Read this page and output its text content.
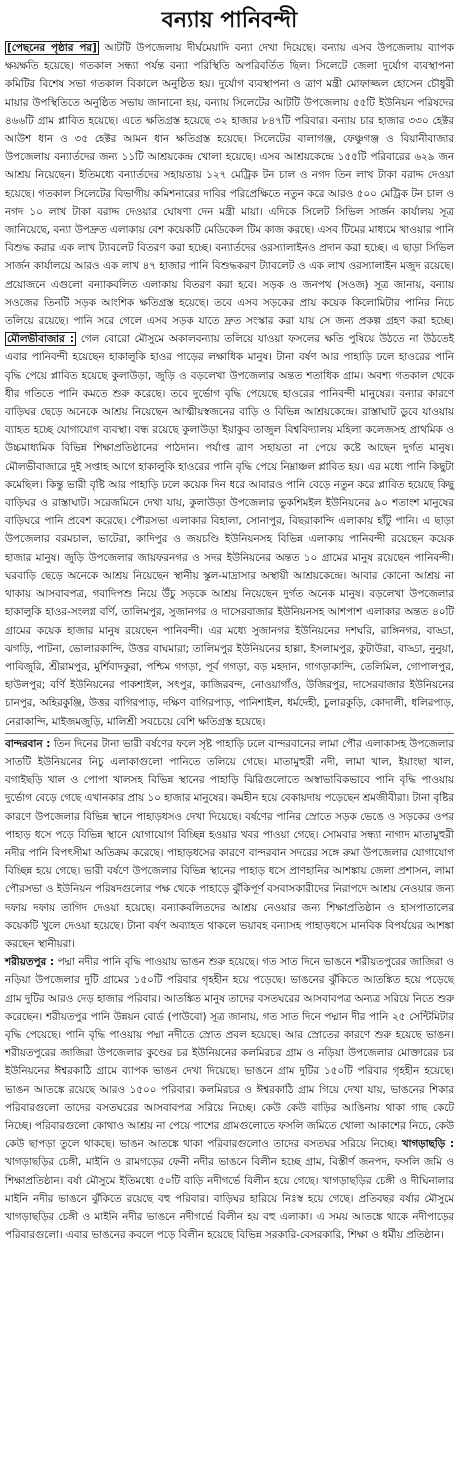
বন্যায় পানিবন্দী

[পেছনের পৃষ্ঠার পর] আটটি উপজেলায় দীর্ঘমেয়াদি বন্যা দেখা দিয়েছে। বন্যায় এসব উপজেলায় ব্যাপক ক্ষয়ক্ষতি হয়েছে। গতকাল সন্ধ্যা পর্যন্ত বন্যা পরিস্থিতি অপরিবর্তিত ছিল। সিলেটে জেলা দুর্যোগ ব্যবস্থাপনা কমিটির বিশেষ সভা গতকাল বিকালে অনুষ্ঠিত হয়। দুর্যোগ ব্যবস্থাপনা ও ত্রাণ মন্ত্রী মোফাজ্জল হোসেন চৌধুরী মায়ার উপস্থিতিতে অনুষ্ঠিত সভায় জানানো হয়, বন্যায় সিলেটের আটটি উপজেলায় ৫৫টি ইউনিয়ন পরিষদের ৪৬৬টি গ্রাম প্লাবিত হয়েছে। এতে ক্ষতিগ্রস্ত হয়েছে ৩২ হাজার ৮৪৭টি পরিবার। বন্যায় চার হাজার ৩৩০ হেক্টর আউশ ধান ও ৩৫ হেক্টর আমন ধান ক্ষতিগ্রস্ত হয়েছে। সিলেটের বালাগঞ্জ, ফেঞ্চুগঞ্জ ও বিয়ানীবাজার উপজেলায় বন্যার্তদের জন্য ১১টি আশ্রয়কেন্দ্র খোলা হয়েছে। এসব আশ্রয়কেন্দ্রে ১৫৫টি পরিবারের ৬২৯ জন আশ্রয় নিয়েছেন। ইতিমধ্যে বন্যার্তদের সহায়তায় ১২৭ মেট্রিক টন চাল ও নগদ তিন লাখ টাকা বরাদ্দ দেওয়া হয়েছে। গতকাল সিলেটের বিভাগীয় কমিশনারের দাবির পরিপ্রেক্ষিতে নতুন করে আরও ৫০০ মেট্রিক টন চাল ও নগদ ১০ লাখ টাকা বরাদ্দ দেওয়ার ঘোষণা দেন মন্ত্রী মায়া। এদিকে সিলেট সিভিল সার্জন কার্যালয় সূত্র জানিয়েছে, বন্যা উপদ্রুত এলাকায় বেশ কয়েকটি মেডিকেল টিম কাজ করছে। এসব টিমের মাধ্যমে খাওয়ার পানি বিশুদ্ধ করার এক লাখ ট্যাবলেট বিতরণ করা হচ্ছে। বন্যার্তদের ওরস্যালাইনও প্রদান করা হচ্ছে। এ ছাড়া সিভিল সার্জন কার্যালয়ে আরও এক লাখ ৪৭ হাজার পানি বিশুদ্ধকরণ ট্যাবলেট ও এক লাখ ওরস্যালাইন মজুদ রয়েছে। প্রয়োজনে এগুলো বন্যাকবলিত এলাকায় বিতরণ করা হবে। সড়ক ও জনপথ (সওজ) সূত্র জানায়, বন্যায় সওজের তিনটি সড়ক আংশিক ক্ষতিগ্রস্ত হয়েছে। তবে এসব সড়কের প্রায় কয়েক কিলোমিটার পানির নিচে তলিয়ে রয়েছে। পানি সরে গেলে এসব সড়ক যাতে দ্রুত সংস্কার করা যায় সে জন্য প্রকল্প গ্রহণ করা হচ্ছে। মৌলভীবাজার : গেল বোরো মৌসুমে অকালবন্যায় তলিয়ে যাওয়া ফসলের ক্ষতি পুষিয়ে উঠতে না উঠতেই এবার পানিবন্দী হয়েছেন হাকালুকি হাওর পাড়ের লক্ষাধিক মানুষ। টানা বর্ষণ আর পাহাড়ি ঢলে হাওরের পানি বৃদ্ধি পেয়ে প্লাবিত হয়েছে কুলাউড়া, জুড়ি ও বড়লেখা উপজেলার অন্তত শতাধিক গ্রাম। অবশ্য গতকাল থেকে ধীর গতিতে পানি কমতে শুরু করেছে। তবে দুর্ভোগ বৃদ্ধি পেয়েছে হাওরের পানিবন্দী মানুষের। বন্যার কারণে বাড়িঘর ছেড়ে অনেকে আশ্রয় নিয়েছেন আত্মীয়স্বজনের বাড়ি ও বিভিন্ন আশ্রয়কেন্দ্রে। রাস্তাঘাট ডুবে যাওয়ায় ব্যাহত হচ্ছে যোগাযোগ ব্যবস্থা। বন্ধ রয়েছে কুলাউড়া ইয়াকুব তাজুল বিশ্ববিদ্যালয় মহিলা কলেজসহ প্রাথমিক ও উচ্চমাধ্যমিক বিভিন্ন শিক্ষাপ্রতিষ্ঠানের পাঠদান। পর্যাপ্ত ত্রাণ সহায়তা না পেয়ে কষ্টে আছেন দুর্গত মানুষ। মৌলভীবাজারে দুই সপ্তাহ আগে হাকালুকি হাওরের পানি বৃদ্ধি পেয়ে নিম্নাঞ্চল প্লাবিত হয়। এর মধ্যে পানি কিছুটা কমেছিল। কিন্তু ভারী বৃষ্টি আর পাহাড়ি ঢলে কয়েক দিন ধরে আবারও পানি বেড়ে নতুন করে প্লাবিত হয়েছে কিছু বাড়িঘর ও রাস্তাঘাট। সরেজমিনে দেখা যায়, কুলাউড়া উপজেলার ভুকশিমইল ইউনিয়নের ৯০ শতাংশ মানুষের বাড়িঘরে পানি প্রবেশ করেছে। পৌরসভা এলাকার বিহালা, সোনাপুর, বিছরাকান্দি এলাকায় হাঁটু পানি। এ ছাড়া উপজেলার বরমচাল, ভাটেরা, কাদিপুর ও জয়চণ্ডি ইউনিয়নসহ বিভিন্ন এলাকায় পানিবন্দী রয়েছেন কয়েক হাজার মানুষ। জুড়ি উপজেলার জায়ফরনগর ও সদর ইউনিয়নের অন্তত ১০ গ্রামের মানুষ রয়েছেন পানিবন্দী। ঘরবাড়ি ছেড়ে অনেকে আশ্রয় নিয়েছেন স্থানীয় স্কুল-মাদ্রাসার অস্থায়ী আশ্রয়কেন্দ্রে। আবার কোনো আশ্রয় না থাকায় আসবাবপত্র, গবাদিপশু নিয়ে উঁচু সড়কে আশ্রয় নিয়েছেন দুর্গত অনেক মানুষ। বড়লেখা উপজেলার হাকালুকি হাওর-সংলগ্ন বর্ণি, তালিমপুর, সুজানগর ও দাসেরবাজার ইউনিয়নসহ আশপাশ এলাকার অন্তত ৪০টি গ্রামের কয়েক হাজার মানুষ রয়েছেন পানিবন্দী। এর মধ্যে সুজানগর ইউনিয়নের দশঘরি, রাঙ্গিনগর, বাড্ডা, ঝগড়ি, পাটনা, ভোলারকান্দি, উত্তর বাঘমারা; তালিমপুর ইউনিয়নের হাল্লা, ইসলামপুর, কুটাউরা, বাড্ডা, নুনুয়া, পাবিজুরি, শ্রীরামপুর, মুর্শিবাদকুরা, পশ্চিম গগড়া, পূর্ব গগড়া, বড় মহদান, গাগড়াকান্দি, তেলিমিল, গোপালপুর, হাউলপুর; বর্ণি ইউনিয়নের পাকশাইল, সৎপুর, কাজিরবন্দ, নোওয়াগাঁও, উজিরপুর, দাসেরবাজার ইউনিয়নের চানপুর, অহিরকুঞ্জি, উত্তর বাগিরপাড়, দক্ষিণ বাগিরপাড়, পানিশাইল, ধর্মদেহী, চুলারকুড়ি, কোদালী, ধলিরপাড়, নেরাকান্দি, মাইজমজুড়ি, মালিশ্রী সবচেয়ে বেশি ক্ষতিগ্রস্ত হয়েছে।

বান্দরবান : তিন দিনের টানা ভারী বর্ষণের ফলে সৃষ্ট পাহাড়ি ঢলে বান্দরবানের লামা পৌর এলাকাসহ উপজেলার সাতটি ইউনিয়নের নিচু এলাকাগুলো পানিতে তলিয়ে গেছে। মাতামুহুরী নদী, লামা খাল, ইয়াংছা খাল, বগাইছড়ি খাল ও পোপা খালসহ বিভিন্ন স্থানের পাহাড়ি ঝিরিগুলোতে অস্বাভাবিকভাবে পানি বৃদ্ধি পাওয়ায় দুর্ভোগ বেড়ে গেছে এখানকার প্রায় ১০ হাজার মানুষের। কমহীন হয়ে বেকায়দায় পড়েছেন শ্রমজীবীরা। টানা বৃষ্টির কারণে উপজেলার বিভিন্ন স্থানে পাহাড়ধসও দেখা দিয়েছে। বর্ষণের পানির স্রোতে সড়ক ভেঙে ও সড়কের ওপর পাহাড় ধসে পড়ে বিভিন্ন স্থানে যোগাযোগ বিচ্ছিন্ন হওয়ার খবর পাওয়া গেছে। সোমবার সন্ধ্যা নাগাদ মাতামুহুরী নদীর পানি বিপৎসীমা অতিক্রম করেছে। পাহাড়ধসের কারণে বান্দরবান সদরের সঙ্গে রুমা উপজেলার যোগাযোগ বিচ্ছিন্ন হয়ে গেছে। ভারী বর্ষণে উপজেলার বিভিন্ন স্থানের পাহাড় ধসে প্রাণহানির আশঙ্কায় জেলা প্রশাসন, লামা পৌরসভা ও ইউনিয়ন পরিষদগুলোর পক্ষ থেকে পাহাড়ে ঝুঁকিপূর্ণ বসবাসকারীদের নিরাপদে আশ্রয় নেওয়ার জন্য দফায় দফায় তাগিদ দেওয়া হয়েছে। বন্যাকবলিতদের আশ্রয় নেওয়ার জন্য শিক্ষাপ্রতিষ্ঠান ও হাসপাতালের কয়েকটি খুলে দেওয়া হয়েছে। টানা বর্ষণ অব্যাহত থাকলে ভয়াবহ বন্যাসহ পাহাড়ধসে মানবিক বিপর্যয়ের আশঙ্কা করছেন স্থানীয়রা।

শরীয়তপুর : পদ্মা নদীর পানি বৃদ্ধি পাওয়ায় ভাঙন শুরু হয়েছে। গত সাত দিনে ভাঙনে শরীয়তপুরের জাজিরা ও নড়িয়া উপজেলার দুটি গ্রামের ১৫০টি পরিবার গৃহহীন হয়ে পড়েছে। ভাঙনের ঝুঁকিতে আতঙ্কিত হয়ে পড়েছে গ্রাম দুটির আরও দেড় হাজার পরিবার। আতঙ্কিত মানুষ তাদের বসতঘরের আসবাবপত্র অন্যত্র সরিয়ে নিতে শুরু করেছেন। শরীয়তপুর পানি উন্নয়ন বোর্ড (পাউবো) সূত্র জানায়, গত সাত দিনে পদ্মান দীর পানি ২৫ সেন্টিমিটার বৃদ্ধি পেয়েছে। পানি বৃদ্ধি পাওয়ায় পদ্মা নদীতে স্রোত প্রবল হয়েছে। আর স্রোতের কারণে শুরু হয়েছে ভাঙন। শরীয়তপুরের জাজিরা উপজেলার কুণ্ডের চর ইউনিয়নের কলমিরচর গ্রাম ও নড়িয়া উপজেলার মোক্তারের চর ইউনিয়নের ঈশ্বরকাঠি গ্রামে ব্যাপক ভাঙন দেখা দিয়েছে। ভাঙনে গ্রাম দুটির ১৫০টি পরিবার গৃহহীন হয়েছে। ভাঙন আতঙ্কে রয়েছে আরও ১৫০০ পরিবার। কলমিরচর ও ঈশ্বরকাঠি গ্রাম গিয়ে দেখা যায়, ভাঙনের শিকার পরিবারগুলো তাদের বসতঘরের আসবাবপত্র সরিয়ে নিচ্ছে। কেউ কেউ বাড়ির আঙিনায় থাকা গাছ কেটে নিচ্ছে। পরিবারগুলো কোথাও আশ্রয় না পেয়ে পাশের গ্রামগুলোতে ফসলি জমিতে খোলা আকাশের নিচে, কেউ কেউ ছাপড়া তুলে থাকছে। ভাঙন আতঙ্কে থাকা পরিবারগুলোও তাদের বসতঘর সরিয়ে নিচ্ছে। খাগড়াছড়ি : খাগড়াছড়ির চেঙ্গী, মাইনি ও রামগড়ের ফেনী নদীর ভাঙনে বিলীন হচ্ছে গ্রাম, বিস্তীর্ণ জনপদ, ফসলি জমি ও শিক্ষাপ্রতিষ্ঠান। বর্ষা মৌসুমে ইতিমধ্যে ৫০টি বাড়ি নদীগর্ভে বিলীন হয়ে গেছে। খাগড়াছড়ির চেঙ্গী ও দীঘিনালার মাইনি নদীর ভাঙনে ঝুঁকিতে রয়েছে বহু পরিবার। বাড়িঘর হারিয়ে নিঃস্ব হয়ে গেছে। প্রতিবছর বর্ষার মৌসুমে খাগড়াছড়ির চেঙ্গী ও মাইনি নদীর ভাঙনে নদীগর্ভে বিলীন হয় বহু এলাকা। এ সময় আতঙ্কে থাকে নদীপাড়ের পরিবারগুলো। এবার ভাঙনের কবলে পড়ে বিলীন হয়েছে বিভিন্ন সরকারি-বেসরকারি, শিক্ষা ও ধর্মীয় প্রতিষ্ঠান।
